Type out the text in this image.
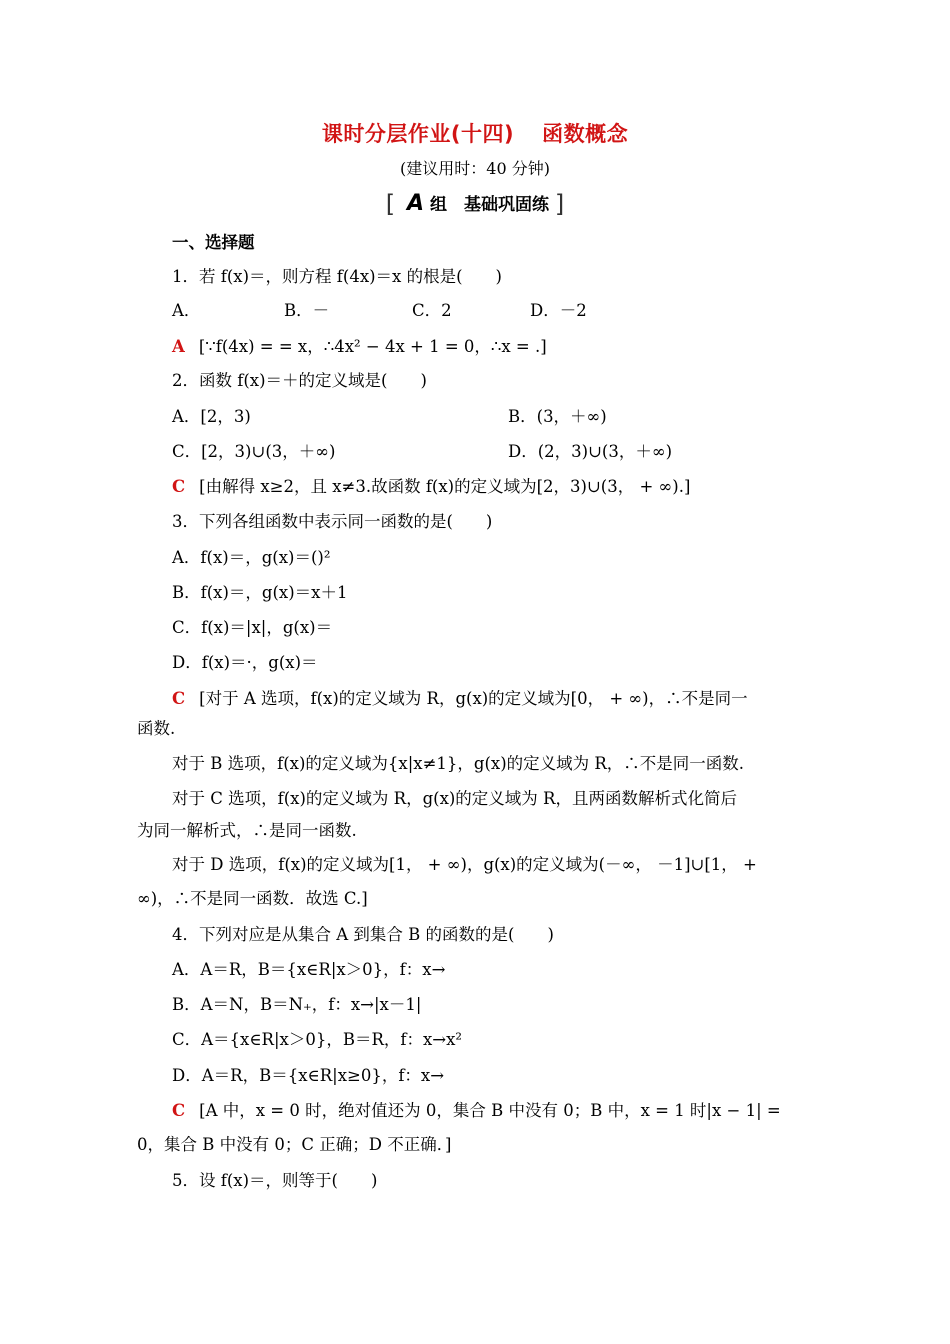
课时分层作业(十四) 函数概念
(建议用时：40 分钟)
[ A 组　基础巩固练 ]
一、选择题
1．若 f(x)＝，则方程 f(4x)＝x 的根是(　　)
A．	B．－	C．2	D．－2
A [∵f(4x) = = x，∴4x² − 4x + 1 = 0，∴x = .]
2．函数 f(x)＝＋的定义域是(　　)
A．[2，3)	B．(3，＋∞)
C．[2，3)∪(3，＋∞)	D．(2，3)∪(3，＋∞)
C [由解得 x≥2，且 x≠3.故函数 f(x)的定义域为[2，3)∪(3， + ∞).]
3．下列各组函数中表示同一函数的是(　　)
A．f(x)＝，g(x)＝()²
B．f(x)＝，g(x)＝x＋1
C．f(x)＝|x|，g(x)＝
D．f(x)＝·，g(x)＝
C [对于 A 选项，f(x)的定义域为 R，g(x)的定义域为[0， + ∞)，∴不是同一
函数.
对于 B 选项，f(x)的定义域为{x|x≠1}，g(x)的定义域为 R，∴不是同一函数.
对于 C 选项，f(x)的定义域为 R，g(x)的定义域为 R，且两函数解析式化简后
为同一解析式，∴是同一函数.
对于 D 选项，f(x)的定义域为[1， + ∞)，g(x)的定义域为(－∞， －1]∪[1， +
∞)，∴不是同一函数．故选 C.]
4．下列对应是从集合 A 到集合 B 的函数的是(　　)
A．A＝R，B＝{x∈R|x＞0}，f：x→
B．A＝N，B＝N₊，f：x→|x－1|
C．A＝{x∈R|x＞0}，B＝R，f：x→x²
D．A＝R，B＝{x∈R|x≥0}，f：x→
C [A 中，x = 0 时，绝对值还为 0，集合 B 中没有 0；B 中，x = 1 时|x − 1| =
0，集合 B 中没有 0；C 正确；D 不正确．]
5．设 f(x)＝，则等于(　　)
